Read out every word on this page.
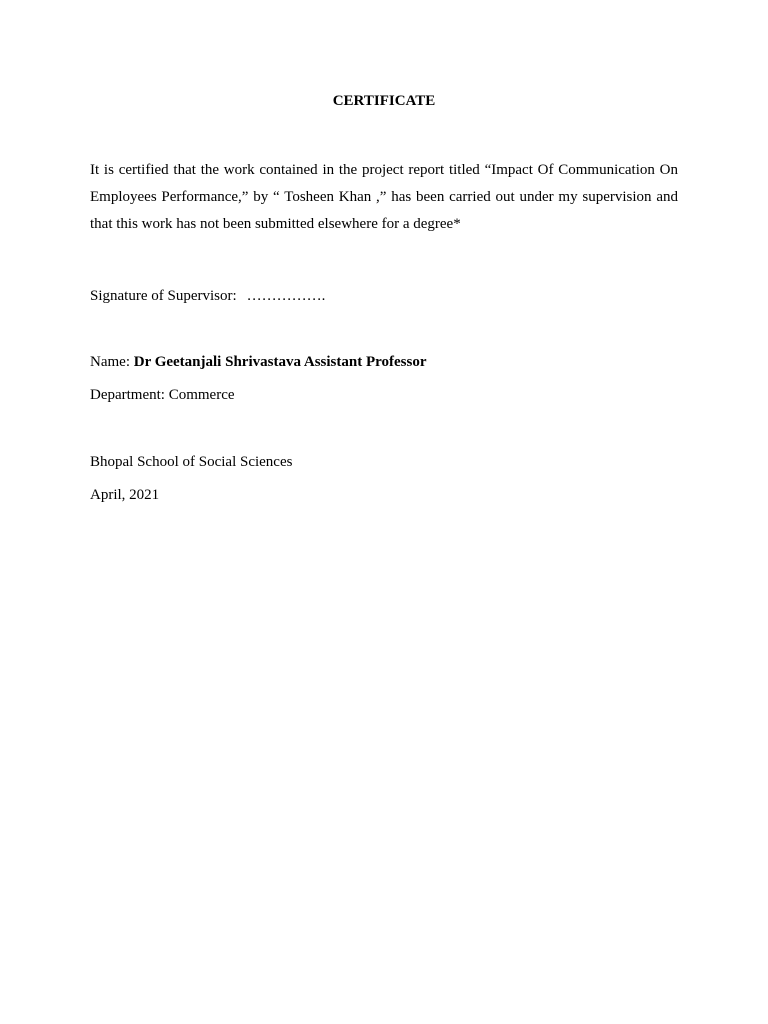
CERTIFICATE

It is certified that the work contained in the project report titled “Impact Of Communication On
Employees Performance,” by “ Tosheen Khan ,” has been carried out under my supervision and
that this work has not been submitted elsewhere for a degree*

Signature of Supervisor: …………….

Name: Dr Geetanjali Shrivastava Assistant Professor

Department: Commerce

Bhopal School of Social Sciences

April, 2021
